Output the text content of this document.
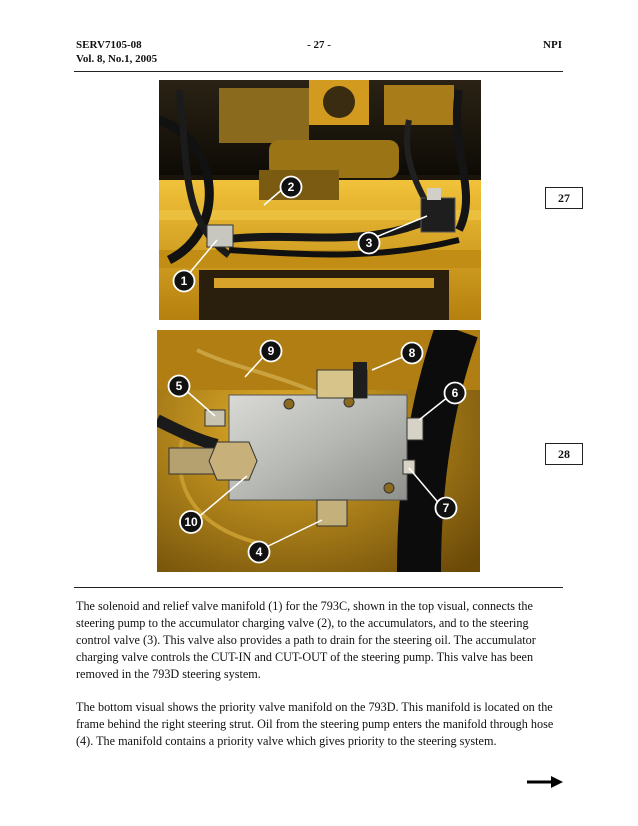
SERV7105-08
Vol. 8, No.1, 2005
- 27 -	NPI
2
3
1
9	8
5	6
7
10
4
27
28

The solenoid and relief valve manifold (1) for the 793C, shown in the top visual, connects the steering pump to the accumulator charging valve (2), to the accumulators, and to the steering control valve (3). This valve also provides a path to drain for the steering oil. The accumulator charging valve controls the CUT-IN and CUT-OUT of the steering pump. This valve has been removed in the 793D steering system.

The bottom visual shows the priority valve manifold on the 793D. This manifold is located on the frame behind the right steering strut. Oil from the steering pump enters the manifold through hose (4). The manifold contains a priority valve which gives priority to the steering system.
